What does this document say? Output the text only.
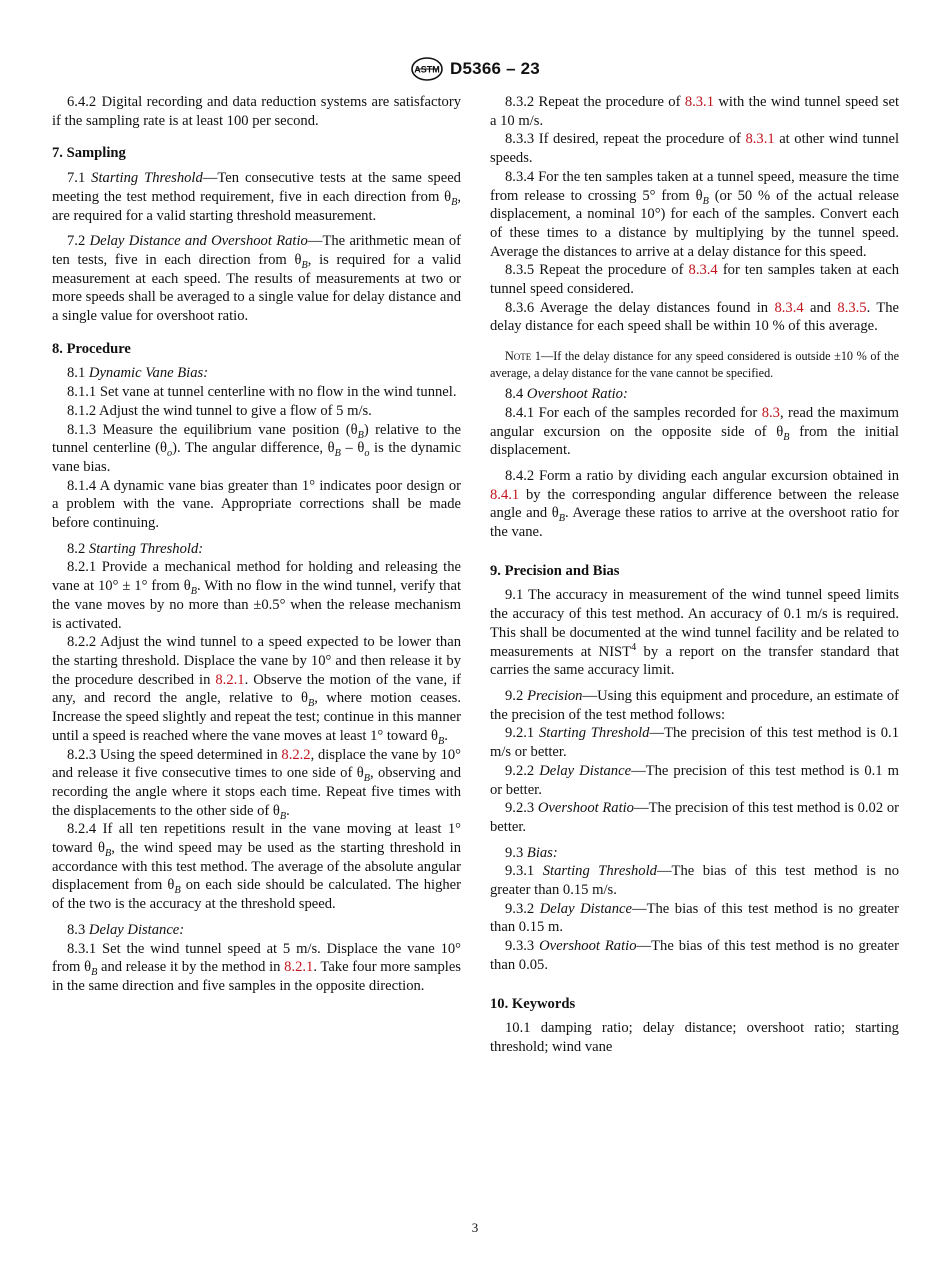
ASTM D5366 – 23

6.4.2 Digital recording and data reduction systems are satisfactory if the sampling rate is at least 100 per second.

7. Sampling

7.1 Starting Threshold—Ten consecutive tests at the same speed meeting the test method requirement, five in each direction from $\theta_B$, are required for a valid starting threshold measurement.

7.2 Delay Distance and Overshoot Ratio—The arithmetic mean of ten tests, five in each direction from $\theta_B$, is required for a valid measurement at each speed. The results of measurements at two or more speeds shall be averaged to a single value for delay distance and a single value for overshoot ratio.

8. Procedure

8.1 Dynamic Vane Bias:

8.1.1 Set vane at tunnel centerline with no flow in the wind tunnel.

8.1.2 Adjust the wind tunnel to give a flow of 5 m/s.

8.1.3 Measure the equilibrium vane position $(\theta_B)$ relative to the tunnel centerline $(\theta_o)$. The angular difference, $\theta_B - \theta_o$ is the dynamic vane bias.

8.1.4 A dynamic vane bias greater than 1° indicates poor design or a problem with the vane. Appropriate corrections shall be made before continuing.

8.2 Starting Threshold:

8.2.1 Provide a mechanical method for holding and releasing the vane at 10° ± 1° from $\theta_B$. With no flow in the wind tunnel, verify that the vane moves by no more than ±0.5° when the release mechanism is activated.

8.2.2 Adjust the wind tunnel to a speed expected to be lower than the starting threshold. Displace the vane by 10° and then release it by the procedure described in 8.2.1. Observe the motion of the vane, if any, and record the angle, relative to $\theta_B$, where motion ceases. Increase the speed slightly and repeat the test; continue in this manner until a speed is reached where the vane moves at least 1° toward $\theta_B$.

8.2.3 Using the speed determined in 8.2.2, displace the vane by 10° and release it five consecutive times to one side of $\theta_B$, observing and recording the angle where it stops each time. Repeat five times with the displacements to the other side of $\theta_B$.

8.2.4 If all ten repetitions result in the vane moving at least 1° toward $\theta_B$, the wind speed may be used as the starting threshold in accordance with this test method. The average of the absolute angular displacement from $\theta_B$ on each side should be calculated. The higher of the two is the accuracy at the threshold speed.

8.3 Delay Distance:

8.3.1 Set the wind tunnel speed at 5 m/s. Displace the vane 10° from $\theta_B$ and release it by the method in 8.2.1. Take four more samples in the same direction and five samples in the opposite direction.

8.3.2 Repeat the procedure of 8.3.1 with the wind tunnel speed set a 10 m/s.

8.3.3 If desired, repeat the procedure of 8.3.1 at other wind tunnel speeds.

8.3.4 For the ten samples taken at a tunnel speed, measure the time from release to crossing 5° from $\theta_B$ (or 50 % of the actual release displacement, a nominal 10°) for each of the samples. Convert each of these times to a distance by multiplying by the tunnel speed. Average the distances to arrive at a delay distance for this speed.

8.3.5 Repeat the procedure of 8.3.4 for ten samples taken at each tunnel speed considered.

8.3.6 Average the delay distances found in 8.3.4 and 8.3.5. The delay distance for each speed shall be within 10 % of this average.

Note 1—If the delay distance for any speed considered is outside ±10 % of the average, a delay distance for the vane cannot be specified.

8.4 Overshoot Ratio:

8.4.1 For each of the samples recorded for 8.3, read the maximum angular excursion on the opposite side of $\theta_B$ from the initial displacement.

8.4.2 Form a ratio by dividing each angular excursion obtained in 8.4.1 by the corresponding angular difference between the release angle and $\theta_B$. Average these ratios to arrive at the overshoot ratio for the vane.

9. Precision and Bias

9.1 The accuracy in measurement of the wind tunnel speed limits the accuracy of this test method. An accuracy of 0.1 m/s is required. This shall be documented at the wind tunnel facility and be related to measurements at NIST$^4$ by a report on the transfer standard that carries the same accuracy limit.

9.2 Precision—Using this equipment and procedure, an estimate of the precision of the test method follows:

9.2.1 Starting Threshold—The precision of this test method is 0.1 m/s or better.

9.2.2 Delay Distance—The precision of this test method is 0.1 m or better.

9.2.3 Overshoot Ratio—The precision of this test method is 0.02 or better.

9.3 Bias:

9.3.1 Starting Threshold—The bias of this test method is no greater than 0.15 m/s.

9.3.2 Delay Distance—The bias of this test method is no greater than 0.15 m.

9.3.3 Overshoot Ratio—The bias of this test method is no greater than 0.05.

10. Keywords

10.1 damping ratio; delay distance; overshoot ratio; starting threshold; wind vane

3
